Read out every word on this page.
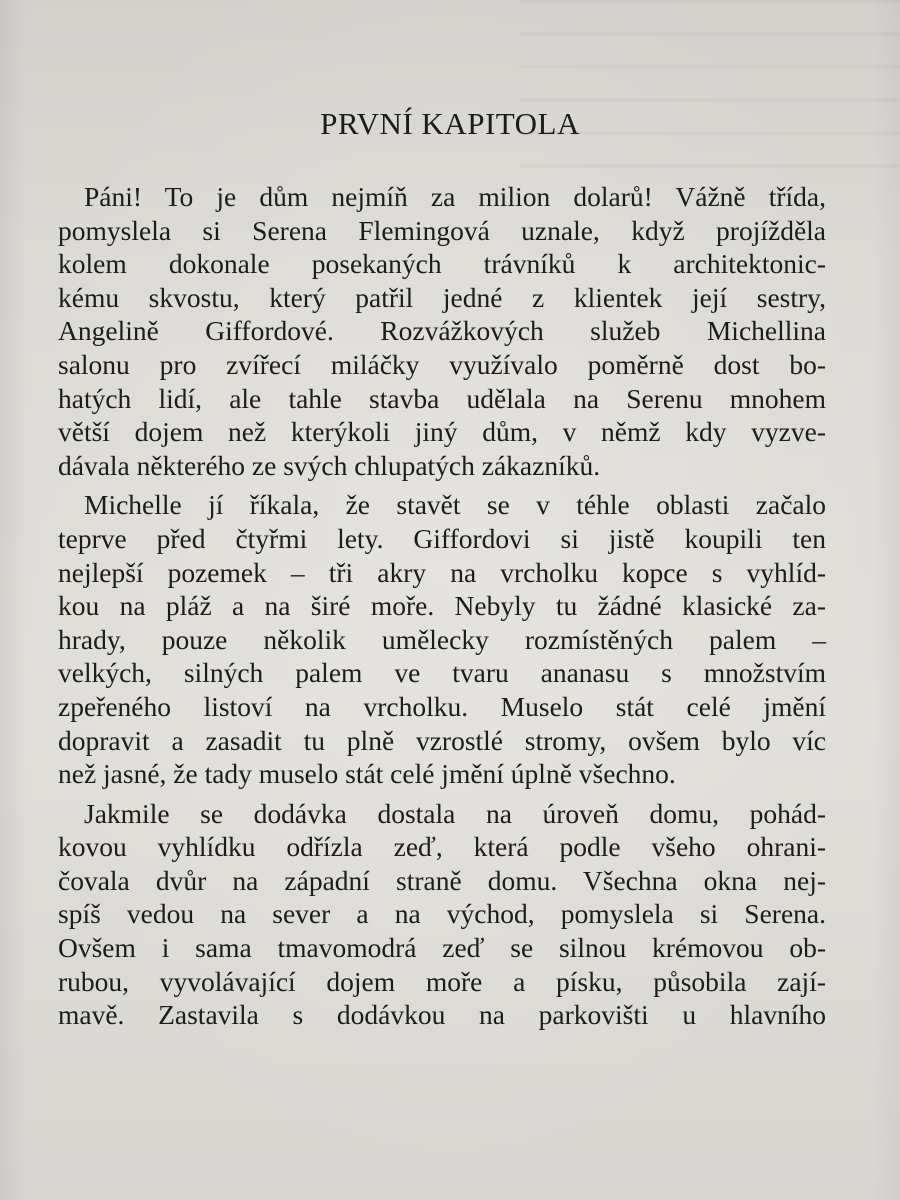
PRVNÍ KAPITOLA

Páni! To je dům nejmíň za milion dolarů! Vážně třída,
pomyslela si Serena Flemingová uznale, když projížděla
kolem dokonale posekaných trávníků k architektonic-
kému skvostu, který patřil jedné z klientek její sestry,
Angelině Giffordové. Rozvážkových služeb Michellina
salonu pro zvířecí miláčky využívalo poměrně dost bo-
hatých lidí, ale tahle stavba udělala na Serenu mnohem
větší dojem než kterýkoli jiný dům, v němž kdy vyzve-
dávala některého ze svých chlupatých zákazníků.

Michelle jí říkala, že stavět se v téhle oblasti začalo
teprve před čtyřmi lety. Giffordovi si jistě koupili ten
nejlepší pozemek – tři akry na vrcholku kopce s vyhlíd-
kou na pláž a na širé moře. Nebyly tu žádné klasické za-
hrady, pouze několik umělecky rozmístěných palem –
velkých, silných palem ve tvaru ananasu s množstvím
zpeřeného listoví na vrcholku. Muselo stát celé jmění
dopravit a zasadit tu plně vzrostlé stromy, ovšem bylo víc
než jasné, že tady muselo stát celé jmění úplně všechno.

Jakmile se dodávka dostala na úroveň domu, pohád-
kovou vyhlídku odřízla zeď, která podle všeho ohrani-
čovala dvůr na západní straně domu. Všechna okna nej-
spíš vedou na sever a na východ, pomyslela si Serena.
Ovšem i sama tmavomodrá zeď se silnou krémovou ob-
rubou, vyvolávající dojem moře a písku, působila zají-
mavě. Zastavila s dodávkou na parkovišti u hlavního
